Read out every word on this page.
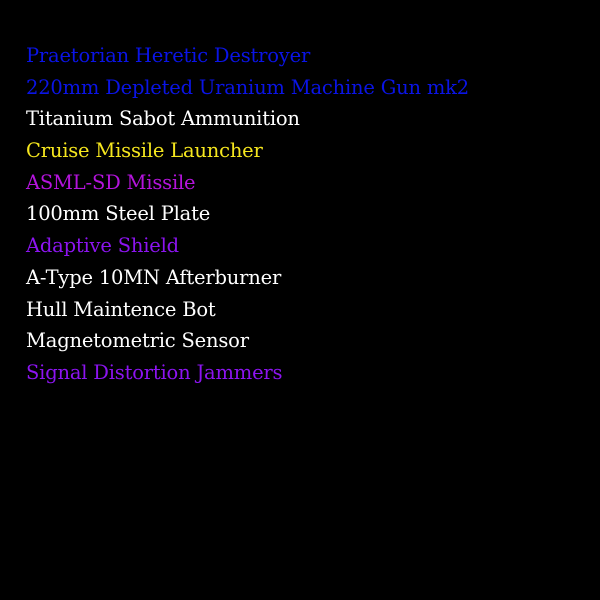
Praetorian Heretic Destroyer
220mm Depleted Uranium Machine Gun mk2
Titanium Sabot Ammunition
Cruise Missile Launcher
ASML-SD Missile
100mm Steel Plate
Adaptive Shield
A-Type 10MN Afterburner
Hull Maintence Bot
Magnetometric Sensor
Signal Distortion Jammers
